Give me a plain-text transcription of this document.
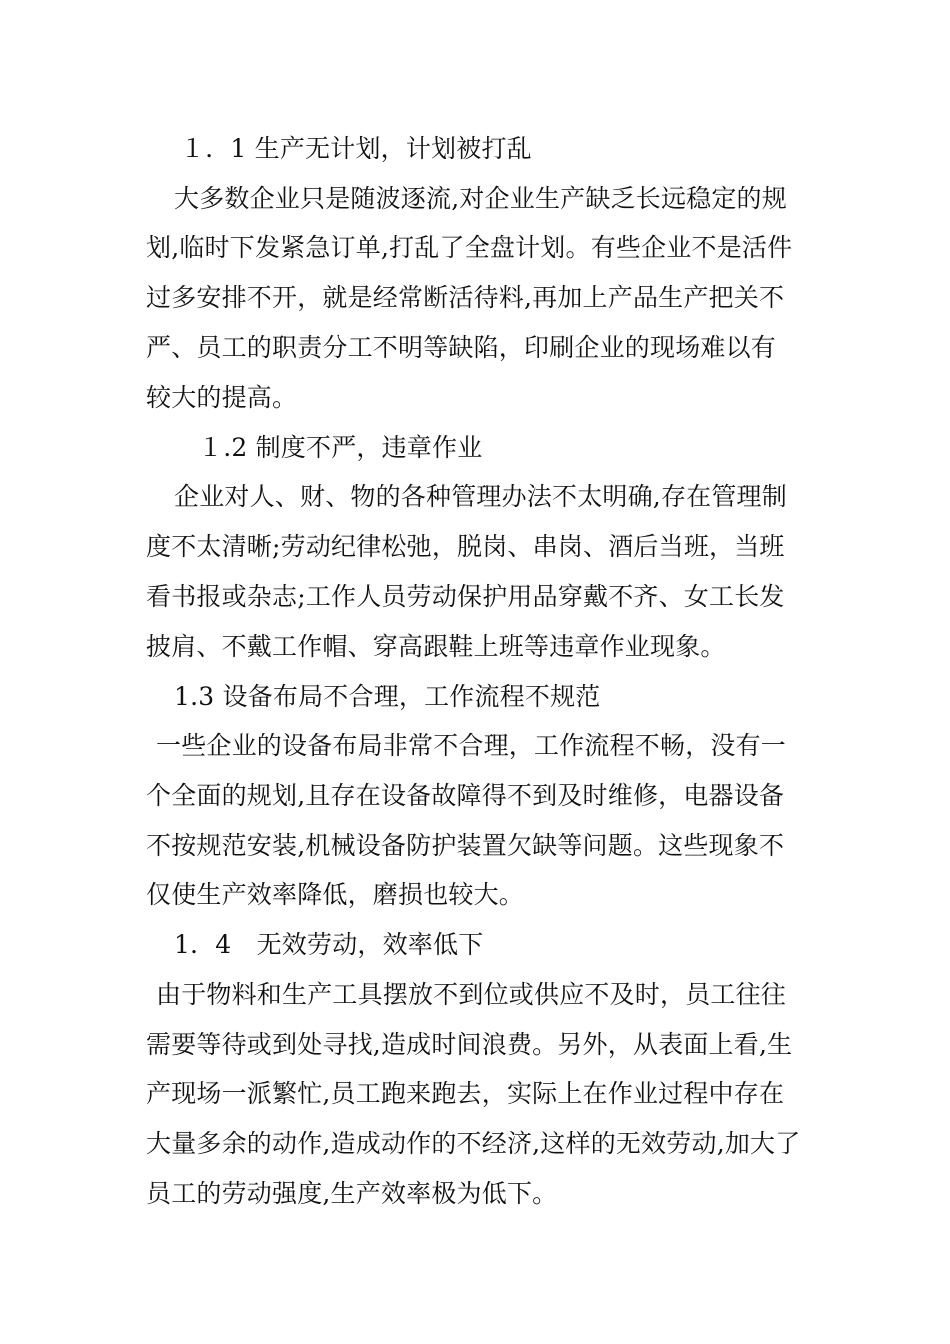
１．1 生产无计划，计划被打乱
大多数企业只是随波逐流,对企业生产缺乏长远稳定的规
划,临时下发紧急订单,打乱了全盘计划。有些企业不是活件
过多安排不开，就是经常断活待料,再加上产品生产把关不
严、员工的职责分工不明等缺陷，印刷企业的现场难以有
较大的提高。
１.2 制度不严，违章作业
企业对人、财、物的各种管理办法不太明确,存在管理制
度不太清晰;劳动纪律松弛，脱岗、串岗、酒后当班，当班
看书报或杂志;工作人员劳动保护用品穿戴不齐、女工长发
披肩、不戴工作帽、穿高跟鞋上班等违章作业现象。
1.3 设备布局不合理，工作流程不规范
一些企业的设备布局非常不合理，工作流程不畅，没有一
个全面的规划,且存在设备故障得不到及时维修，电器设备
不按规范安装,机械设备防护装置欠缺等问题。这些现象不
仅使生产效率降低，磨损也较大。
1．4　无效劳动，效率低下
由于物料和生产工具摆放不到位或供应不及时，员工往往
需要等待或到处寻找,造成时间浪费。另外，从表面上看,生
产现场一派繁忙,员工跑来跑去，实际上在作业过程中存在
大量多余的动作,造成动作的不经济,这样的无效劳动,加大了
员工的劳动强度,生产效率极为低下。
